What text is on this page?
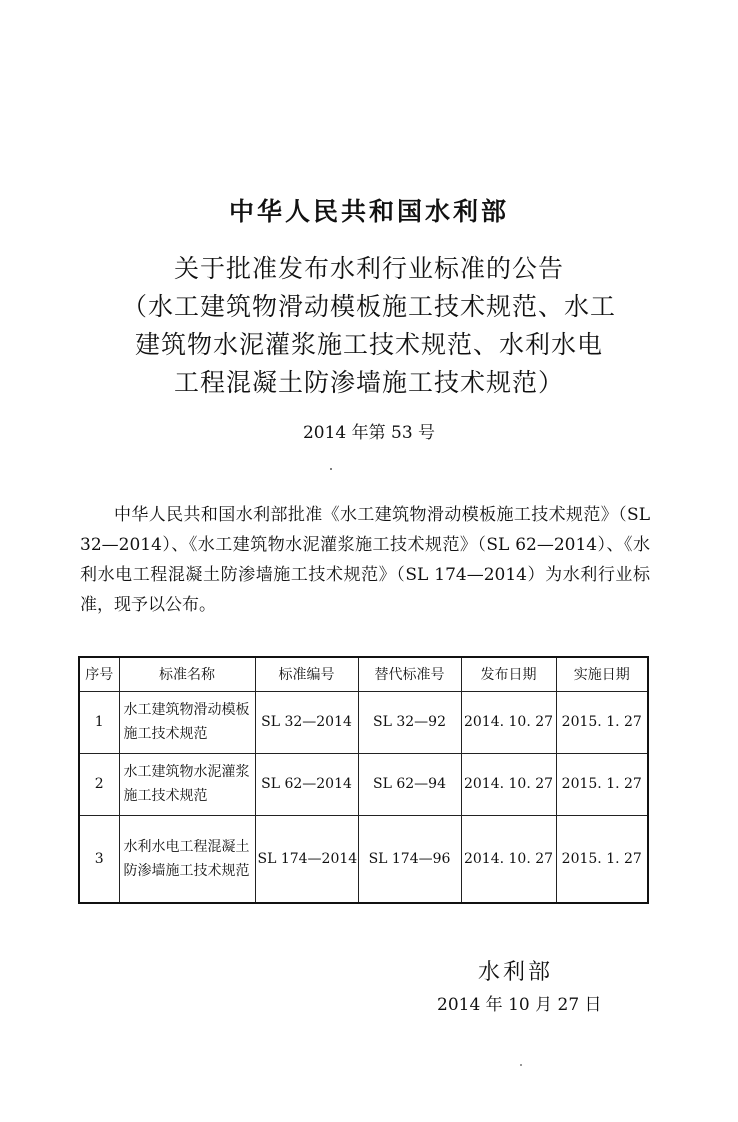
中华人民共和国水利部
关于批准发布水利行业标准的公告
（水工建筑物滑动模板施工技术规范、水工
建筑物水泥灌浆施工技术规范、水利水电
工程混凝土防渗墙施工技术规范）
2014 年第 53 号

中华人民共和国水利部批准《水工建筑物滑动模板施工技术规范》（SL 32—2014）、《水工建筑物水泥灌浆施工技术规范》（SL 62—2014）、《水利水电工程混凝土防渗墙施工技术规范》（SL 174—2014）为水利行业标准，现予以公布。

序号	标准名称	标准编号	替代标准号	发布日期	实施日期
1	水工建筑物滑动模板施工技术规范	SL 32—2014	SL 32—92	2014. 10. 27	2015. 1. 27
2	水工建筑物水泥灌浆施工技术规范	SL 62—2014	SL 62—94	2014. 10. 27	2015. 1. 27
3	水利水电工程混凝土防渗墙施工技术规范	SL 174—2014	SL 174—96	2014. 10. 27	2015. 1. 27
水利部
2014 年 10 月 27 日
